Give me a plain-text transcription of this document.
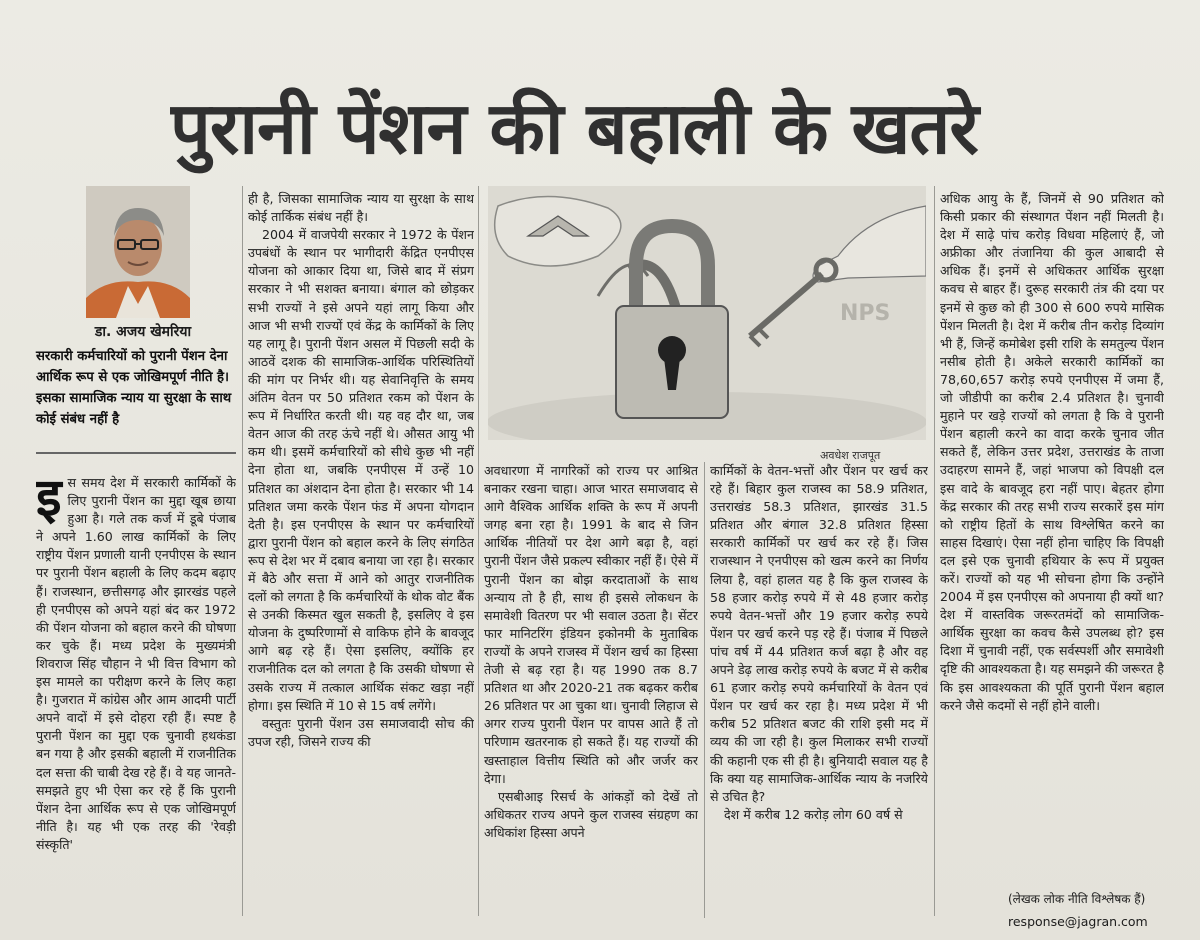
पुरानी पेंशन की बहाली के खतरे
डा. अजय खेमरिया
सरकारी कर्मचारियों को पुरानी पेंशन देना आर्थिक रूप से एक जोखिमपूर्ण नीति है। इसका सामाजिक न्याय या सुरक्षा के साथ कोई संबंध नहीं है

इस समय देश में सरकारी कार्मिकों के लिए पुरानी पेंशन का मुद्दा खूब छाया हुआ है। गले तक कर्ज में डूबे पंजाब ने अपने 1.60 लाख कार्मिकों के लिए राष्ट्रीय पेंशन प्रणाली यानी एनपीएस के स्थान पर पुरानी पेंशन बहाली के लिए कदम बढ़ाए हैं। राजस्थान, छत्तीसगढ़ और झारखंड पहले ही एनपीएस को अपने यहां बंद कर 1972 की पेंशन योजना को बहाल करने की घोषणा कर चुके हैं। मध्य प्रदेश के मुख्यमंत्री शिवराज सिंह चौहान ने भी वित्त विभाग को इस मामले का परीक्षण करने के लिए कहा है। गुजरात में कांग्रेस और आम आदमी पार्टी अपने वादों में इसे दोहरा रही हैं। स्पष्ट है पुरानी पेंशन का मुद्दा एक चुनावी हथकंडा बन गया है और इसकी बहाली में राजनीतिक दल सत्ता की चाबी देख रहे हैं। वे यह जानते-समझते हुए भी ऐसा कर रहे हैं कि पुरानी पेंशन देना आर्थिक रूप से एक जोखिमपूर्ण नीति है। यह भी एक तरह की 'रेवड़ी संस्कृति'

ही है, जिसका सामाजिक न्याय या सुरक्षा के साथ कोई तार्किक संबंध नहीं है।

2004 में वाजपेयी सरकार ने 1972 के पेंशन उपबंधों के स्थान पर भागीदारी केंद्रित एनपीएस योजना को आकार दिया था, जिसे बाद में संप्रग सरकार ने भी सशक्त बनाया। बंगाल को छोड़कर सभी राज्यों ने इसे अपने यहां लागू किया और आज भी सभी राज्यों एवं केंद्र के कार्मिकों के लिए यह लागू है। पुरानी पेंशन असल में पिछली सदी के आठवें दशक की सामाजिक-आर्थिक परिस्थितियों की मांग पर निर्भर थी। यह सेवानिवृत्ति के समय अंतिम वेतन पर 50 प्रतिशत रकम को पेंशन के रूप में निर्धारित करती थी। यह वह दौर था, जब वेतन आज की तरह ऊंचे नहीं थे। औसत आयु भी कम थी। इसमें कर्मचारियों को सीधे कुछ भी नहीं देना होता था, जबकि एनपीएस में उन्हें 10 प्रतिशत का अंशदान देना होता है। सरकार भी 14 प्रतिशत जमा करके पेंशन फंड में अपना योगदान देती है। इस एनपीएस के स्थान पर कर्मचारियों द्वारा पुरानी पेंशन को बहाल करने के लिए संगठित रूप से देश भर में दबाव बनाया जा रहा है। सरकार में बैठे और सत्ता में आने को आतुर राजनीतिक दलों को लगता है कि कर्मचारियों के थोक वोट बैंक से उनकी किस्मत खुल सकती है, इसलिए वे इस योजना के दुष्परिणामों से वाकिफ होने के बावजूद आगे बढ़ रहे हैं। ऐसा इसलिए, क्योंकि हर राजनीतिक दल को लगता है कि उसकी घोषणा से उसके राज्य में तत्काल आर्थिक संकट खड़ा नहीं होगा। इस स्थिति में 10 से 15 वर्ष लगेंगे।

वस्तुतः पुरानी पेंशन उस समाजवादी सोच की उपज रही, जिसने राज्य की

NPS
अवधेश राजपूत

अवधारणा में नागरिकों को राज्य पर आश्रित बनाकर रखना चाहा। आज भारत समाजवाद से आगे वैश्विक आर्थिक शक्ति के रूप में अपनी जगह बना रहा है। 1991 के बाद से जिन आर्थिक नीतियों पर देश आगे बढ़ा है, वहां पुरानी पेंशन जैसे प्रकल्प स्वीकार नहीं हैं। ऐसे में पुरानी पेंशन का बोझ करदाताओं के साथ अन्याय तो है ही, साथ ही इससे लोकधन के समावेशी वितरण पर भी सवाल उठता है। सेंटर फार मानिटरिंग इंडियन इकोनमी के मुताबिक राज्यों के अपने राजस्व में पेंशन खर्च का हिस्सा तेजी से बढ़ रहा है। यह 1990 तक 8.7 प्रतिशत था और 2020-21 तक बढ़कर करीब 26 प्रतिशत पर आ चुका था। चुनावी लिहाज से अगर राज्य पुरानी पेंशन पर वापस आते हैं तो परिणाम खतरनाक हो सकते हैं। यह राज्यों की खस्ताहाल वित्तीय स्थिति को और जर्जर कर देगा।

एसबीआइ रिसर्च के आंकड़ों को देखें तो अधिकतर राज्य अपने कुल राजस्व संग्रहण का अधिकांश हिस्सा अपने

कार्मिकों के वेतन-भत्तों और पेंशन पर खर्च कर रहे हैं। बिहार कुल राजस्व का 58.9 प्रतिशत, उत्तराखंड 58.3 प्रतिशत, झारखंड 31.5 प्रतिशत और बंगाल 32.8 प्रतिशत हिस्सा सरकारी कार्मिकों पर खर्च कर रहे हैं। जिस राजस्थान ने एनपीएस को खत्म करने का निर्णय लिया है, वहां हालत यह है कि कुल राजस्व के 58 हजार करोड़ रुपये में से 48 हजार करोड़ रुपये वेतन-भत्तों और 19 हजार करोड़ रुपये पेंशन पर खर्च करने पड़ रहे हैं। पंजाब में पिछले पांच वर्ष में 44 प्रतिशत कर्ज बढ़ा है और वह अपने डेढ़ लाख करोड़ रुपये के बजट में से करीब 61 हजार करोड़ रुपये कर्मचारियों के वेतन एवं पेंशन पर खर्च कर रहा है। मध्य प्रदेश में भी करीब 52 प्रतिशत बजट की राशि इसी मद में व्यय की जा रही है। कुल मिलाकर सभी राज्यों की कहानी एक सी ही है। बुनियादी सवाल यह है कि क्या यह सामाजिक-आर्थिक न्याय के नजरिये से उचित है?

देश में करीब 12 करोड़ लोग 60 वर्ष से

अधिक आयु के हैं, जिनमें से 90 प्रतिशत को किसी प्रकार की संस्थागत पेंशन नहीं मिलती है। देश में साढ़े पांच करोड़ विधवा महिलाएं हैं, जो अफ्रीका और तंजानिया की कुल आबादी से अधिक हैं। इनमें से अधिकतर आर्थिक सुरक्षा कवच से बाहर हैं। दुरूह सरकारी तंत्र की दया पर इनमें से कुछ को ही 300 से 600 रुपये मासिक पेंशन मिलती है। देश में करीब तीन करोड़ दिव्यांग भी हैं, जिन्हें कमोबेश इसी राशि के समतुल्य पेंशन नसीब होती है। अकेले सरकारी कार्मिकों का 78,60,657 करोड़ रुपये एनपीएस में जमा हैं, जो जीडीपी का करीब 2.4 प्रतिशत है। चुनावी मुहाने पर खड़े राज्यों को लगता है कि वे पुरानी पेंशन बहाली करने का वादा करके चुनाव जीत सकते हैं, लेकिन उत्तर प्रदेश, उत्तराखंड के ताजा उदाहरण सामने हैं, जहां भाजपा को विपक्षी दल इस वादे के बावजूद हरा नहीं पाए। बेहतर होगा केंद्र सरकार की तरह सभी राज्य सरकारें इस मांग को राष्ट्रीय हितों के साथ विश्लेषित करने का साहस दिखाएं। ऐसा नहीं होना चाहिए कि विपक्षी दल इसे एक चुनावी हथियार के रूप में प्रयुक्त करें। राज्यों को यह भी सोचना होगा कि उन्होंने 2004 में इस एनपीएस को अपनाया ही क्यों था? देश में वास्तविक जरूरतमंदों को सामाजिक-आर्थिक सुरक्षा का कवच कैसे उपलब्ध हो? इस दिशा में चुनावी नहीं, एक सर्वस्पर्शी और समावेशी दृष्टि की आवश्यकता है। यह समझने की जरूरत है कि इस आवश्यकता की पूर्ति पुरानी पेंशन बहाल करने जैसे कदमों से नहीं होने वाली।

(लेखक लोक नीति विश्लेषक हैं)
response@jagran.com
